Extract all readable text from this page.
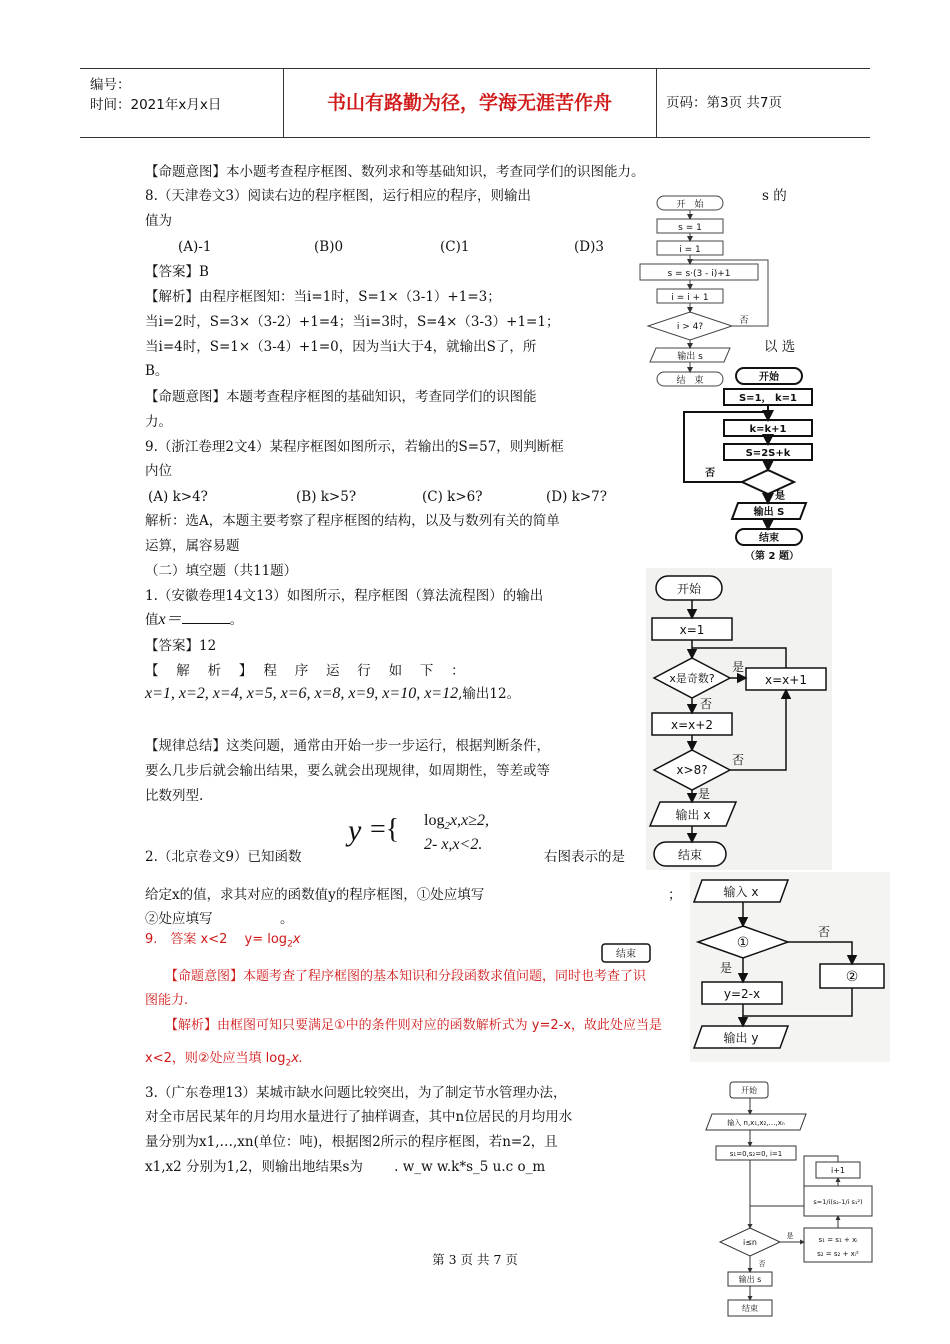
编号：
时间：2021年x月x日	书山有路勤为径，学海无涯苦作舟	页码：第3页 共7页
【命题意图】本小题考查程序框图、数列求和等基础知识，考查同学们的识图能力。
8.（天津卷文3）阅读右边的程序框图，运行相应的程序，则输出	s 的
值为
(A)-1	(B)0	(C)1	(D)3
【答案】B
【解析】由程序框图知：当i=1时，S=1×（3-1）+1=3；
当i=2时，S=3×（3-2）+1=4；当i=3时，S=4×（3-3）+1=1；
当i=4时，S=1×（3-4）+1=0，因为当i大于4，就输出S了，所	以 选
B。
【命题意图】本题考查程序框图的基础知识，考查同学们的识图能
力。
9.（浙江卷理2文4）某程序框图如图所示，若输出的S=57，则判断框
内位
(A) k>4?	(B) k>5?	(C) k>6?	(D) k>7?
解析：选A，本题主要考察了程序框图的结构，以及与数列有关的简单
运算，属容易题
（二）填空题（共11题）
1.（安徽卷理14文13）如图所示，程序框图（算法流程图）的输出
值x＝	。
【答案】12
【　 解　 析　 】　 程　 序　 运　 行　 如　 下　 ：
x=1, x=2, x=4, x=5, x=6, x=8, x=9, x=10, x=12,输出12。
【规律总结】这类问题，通常由开始一步一步运行，根据判断条件，
要么几步后就会输出结果，要么就会出现规律，如周期性，等差或等
比数列型.
y ={ $\log_2x,x\ge 2$,
2- x,x<2.
2.（北京卷文9）已知函数	右图表示的是
给定x的值，求其对应的函数值y的程序框图，①处应填写	；
②处应填写　　　　　。
9.　答案 x<2　 $y= \log_2x$
【命题意图】本题考查了程序框图的基本知识和分段函数求值问题，同时也考查了识
图能力.
【解析】由框图可知只要满足①中的条件则对应的函数解析式为 y=2-x，故此处应当是
x<2，则②处应当填 $\log_2x$.
3.（广东卷理13）某城市缺水问题比较突出，为了制定节水管理办法，
对全市居民某年的月均用水量进行了抽样调查，其中n位居民的月均用水
量分别为x1,…,xn(单位：吨)，根据图2所示的程序框图，若n=2，且
x1,x2 分别为1,2，则输出地结果s为　　 . w_w w.k*s_5 u.c o_m
开　始
s = 1
i = 1
s = s·(3 - i)+1
i = i + 1
i > 4?
否
输出 s
结　束	开始
S=1， k=1
k=k+1
S=2S+k
否
是
输出 S
结束
（第 2 题）
开始
x=1
x是奇数?
是
否
x=x+1
x=x+2
x>8?
否
是
输出 x
结束
结束
输入 x
①
否
是
y=2-x
②
输出 y
开始
输入 n,x₁,x₂,…,xₙ
s₁=0,s₂=0, i=1
i+1
s=1/i(s₂-1/i s₁²)
i≤n
是
否
s₁ = s₁ + xᵢ
s₂ = s₂ + xᵢ²
输出 s
结束
第 3 页 共 7 页
